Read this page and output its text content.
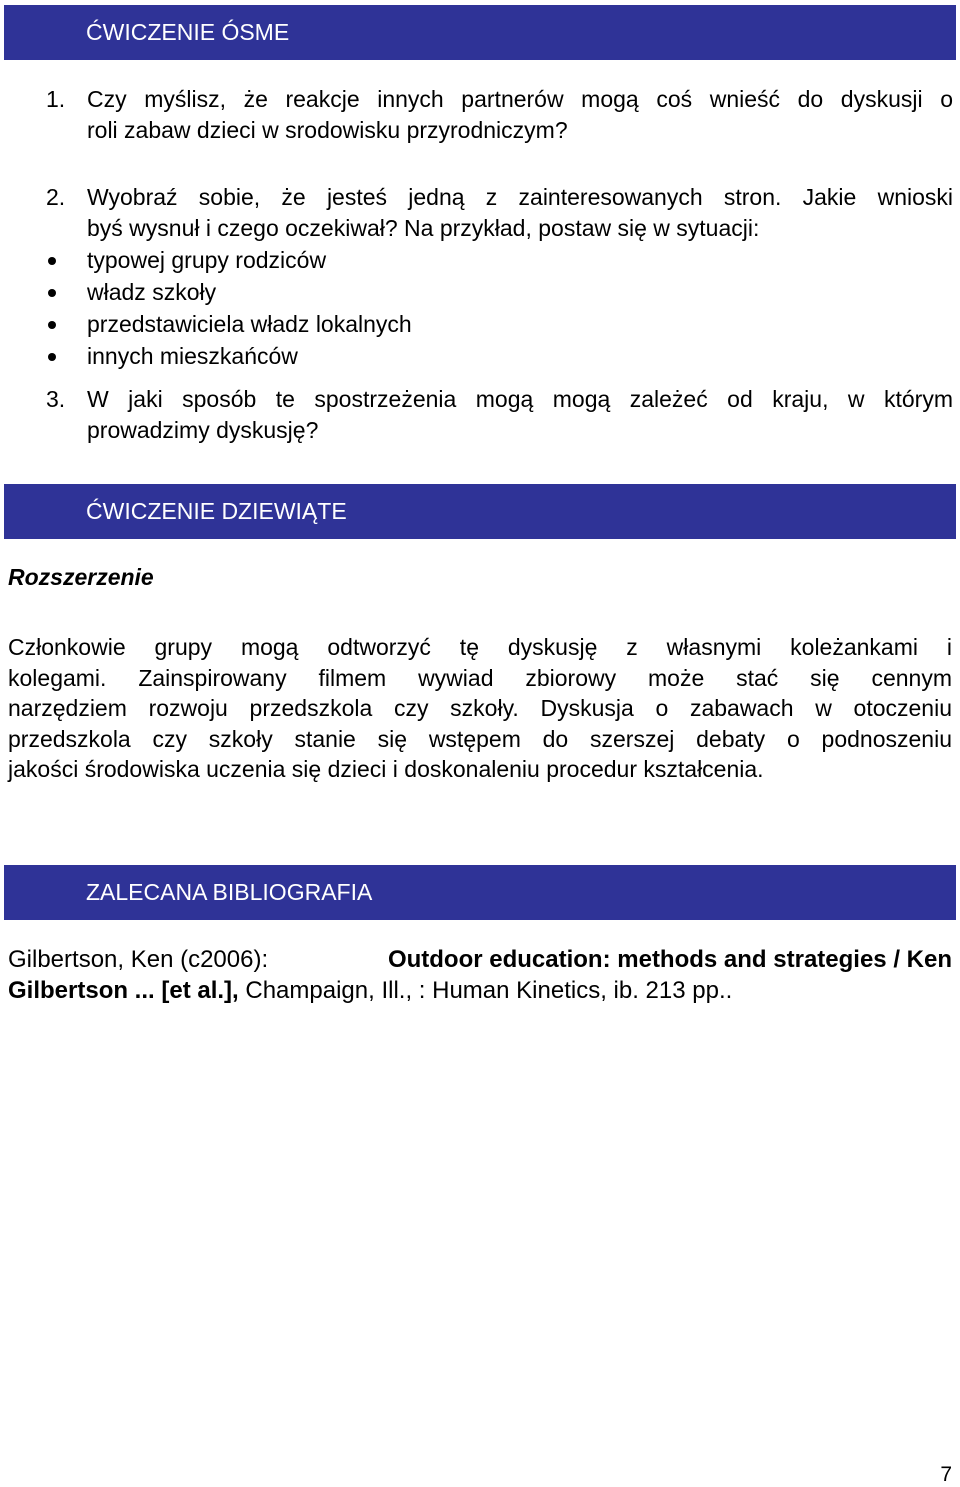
ĆWICZENIE ÓSME
1. Czy myślisz, że reakcje innych partnerów mogą coś wnieść do dyskusji o
roli zabaw dzieci w srodowisku przyrodniczym?
2. Wyobraź sobie, że jesteś jedną z zainteresowanych stron. Jakie wnioski
byś wysnuł i czego oczekiwał? Na przykład, postaw się w sytuacji:
typowej grupy rodziców
władz szkoły
przedstawiciela władz lokalnych
innych mieszkańców
3. W jaki sposób te spostrzeżenia mogą mogą zależeć od kraju, w którym
prowadzimy dyskusję?
ĆWICZENIE DZIEWIĄTE
Rozszerzenie
Członkowie grupy mogą odtworzyć tę dyskusję z własnymi koleżankami i
kolegami. Zainspirowany filmem wywiad zbiorowy może stać się cennym
narzędziem rozwoju przedszkola czy szkoły. Dyskusja o zabawach w otoczeniu
przedszkola czy szkoły stanie się wstępem do szerszej debaty o podnoszeniu
jakości środowiska uczenia się dzieci i doskonaleniu procedur kształcenia.
ZALECANA BIBLIOGRAFIA
Gilbertson, Ken (c2006):	Outdoor education: methods and strategies / Ken
Gilbertson ... [et al.], Champaign, Ill., : Human Kinetics, ib. 213 pp..
7
